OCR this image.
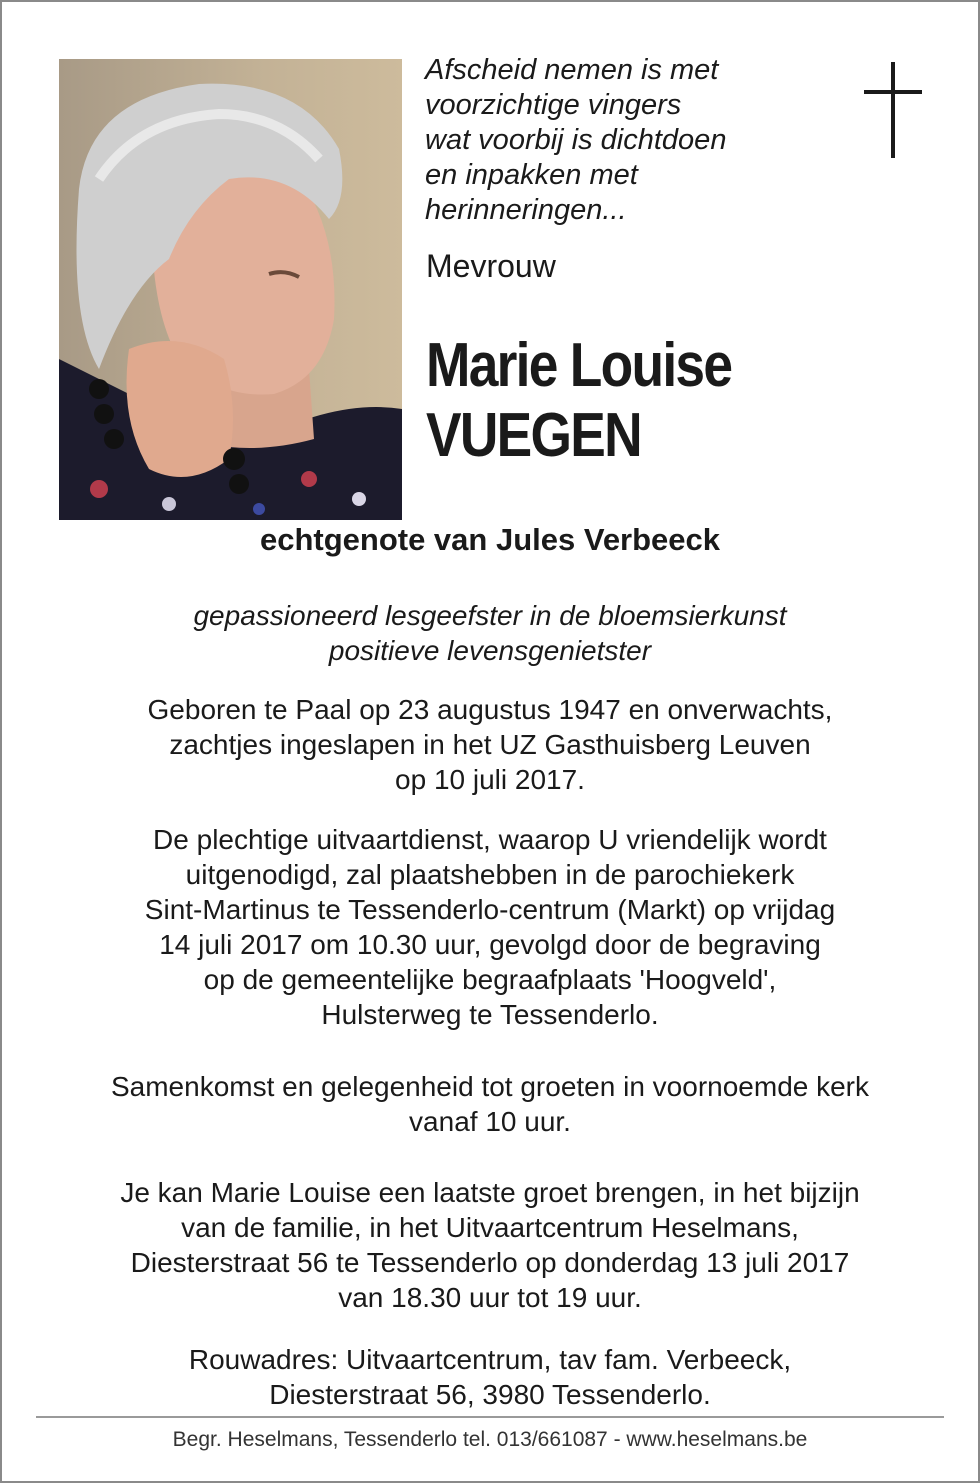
Afscheid nemen is met
voorzichtige vingers
wat voorbij is dichtdoen
en inpakken met
herinneringen...
Mevrouw
Marie Louise
VUEGEN
echtgenote van Jules Verbeeck
gepassioneerd lesgeefster in de bloemsierkunst
positieve levensgenietster
Geboren te Paal op 23 augustus 1947 en onverwachts,
zachtjes ingeslapen in het UZ Gasthuisberg Leuven
op 10 juli 2017.
De plechtige uitvaartdienst, waarop U vriendelijk wordt
uitgenodigd, zal plaatshebben in de parochiekerk
Sint-Martinus te Tessenderlo-centrum (Markt) op vrijdag
14 juli 2017 om 10.30 uur, gevolgd door de begraving
op de gemeentelijke begraafplaats 'Hoogveld',
Hulsterweg te Tessenderlo.
Samenkomst en gelegenheid tot groeten in voornoemde kerk
vanaf 10 uur.
Je kan Marie Louise een laatste groet brengen, in het bijzijn
van de familie, in het Uitvaartcentrum Heselmans,
Diesterstraat 56 te Tessenderlo op donderdag 13 juli 2017
van 18.30 uur tot 19 uur.
Rouwadres: Uitvaartcentrum, tav fam. Verbeeck,
Diesterstraat 56, 3980 Tessenderlo.
Begr. Heselmans, Tessenderlo tel. 013/661087 - www.heselmans.be
